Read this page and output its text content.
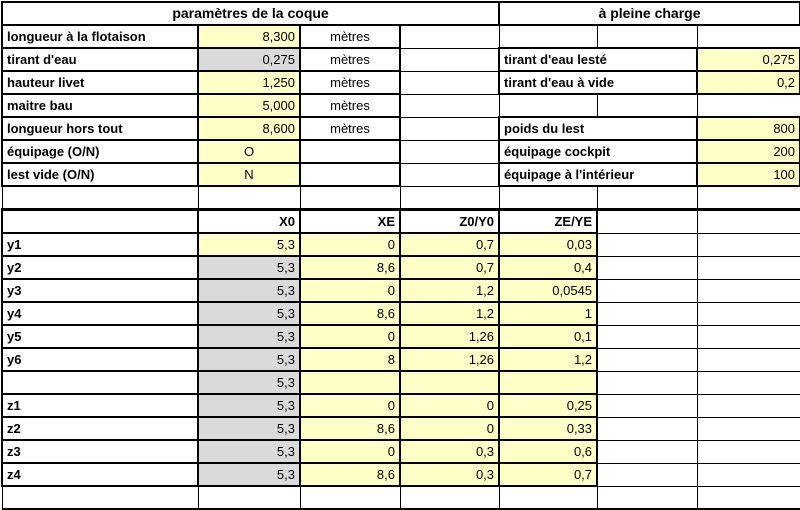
paramètres de la coque				à pleine charge		
longueur à la flotaison	8,300	mètres				
tirant d'eau	0,275	mètres		tirant d'eau lesté		0,275
hauteur livet	1,250	mètres		tirant d'eau à vide		0,2
maitre bau	5,000	mètres				
longueur hors tout	8,600	mètres		poids du lest		800
équipage (O/N)	O			équipage cockpit		200
lest vide (O/N)	N			équipage à l'intérieur		100

	X0	XE	Z0/Y0	ZE/YE		
y1	5,3	0	0,7	0,03		
y2	5,3	8,6	0,7	0,4		
y3	5,3	0	1,2	0,0545		
y4	5,3	8,6	1,2	1		
y5	5,3	0	1,26	0,1		
y6	5,3	8	1,26	1,2		
	5,3					
z1	5,3	0	0	0,25		
z2	5,3	8,6	0	0,33		
z3	5,3	0	0,3	0,6		
z4	5,3	8,6	0,3	0,7		
